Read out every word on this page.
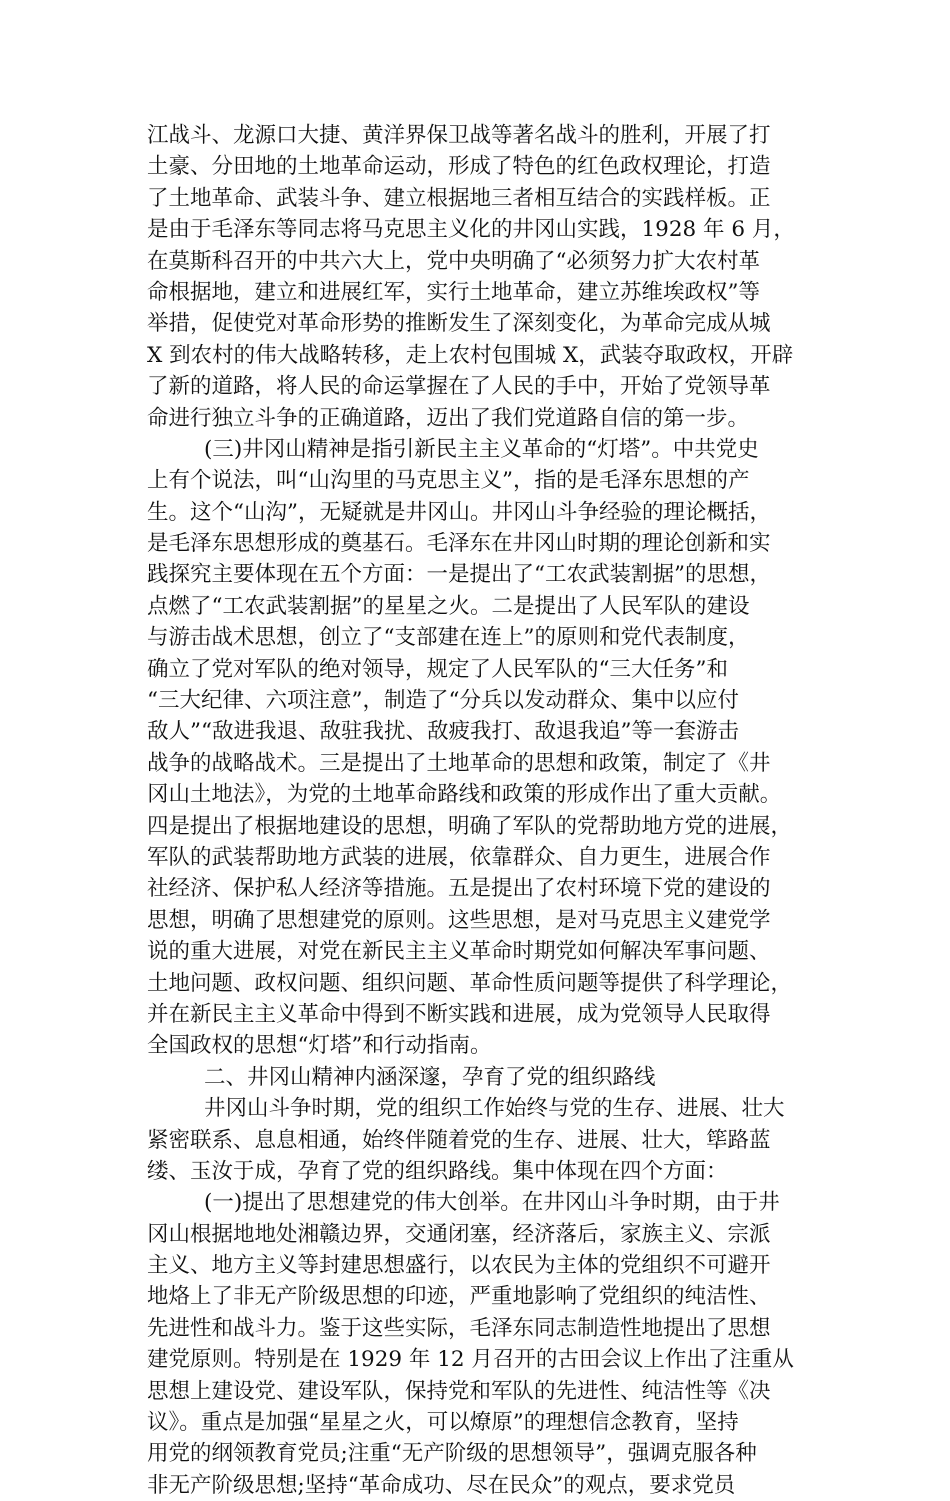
江战斗、龙源口大捷、黄洋界保卫战等著名战斗的胜利，开展了打
土豪、分田地的土地革命运动，形成了特色的红色政权理论，打造
了土地革命、武装斗争、建立根据地三者相互结合的实践样板。正
是由于毛泽东等同志将马克思主义化的井冈山实践，1928 年 6 月，
在莫斯科召开的中共六大上，党中央明确了“必须努力扩大农村革
命根据地，建立和进展红军，实行土地革命，建立苏维埃政权”等
举措，促使党对革命形势的推断发生了深刻变化，为革命完成从城
X 到农村的伟大战略转移，走上农村包围城 X，武装夺取政权，开辟
了新的道路，将人民的命运掌握在了人民的手中，开始了党领导革
命进行独立斗争的正确道路，迈出了我们党道路自信的第一步。
(三)井冈山精神是指引新民主主义革命的“灯塔”。中共党史
上有个说法，叫“山沟里的马克思主义”，指的是毛泽东思想的产
生。这个“山沟”，无疑就是井冈山。井冈山斗争经验的理论概括，
是毛泽东思想形成的奠基石。毛泽东在井冈山时期的理论创新和实
践探究主要体现在五个方面：一是提出了“工农武装割据”的思想，
点燃了“工农武装割据”的星星之火。二是提出了人民军队的建设
与游击战术思想，创立了“支部建在连上”的原则和党代表制度，
确立了党对军队的绝对领导，规定了人民军队的“三大任务”和
“三大纪律、六项注意”，制造了“分兵以发动群众、集中以应付
敌人”“敌进我退、敌驻我扰、敌疲我打、敌退我追”等一套游击
战争的战略战术。三是提出了土地革命的思想和政策，制定了《井
冈山土地法》，为党的土地革命路线和政策的形成作出了重大贡献。
四是提出了根据地建设的思想，明确了军队的党帮助地方党的进展，
军队的武装帮助地方武装的进展，依靠群众、自力更生，进展合作
社经济、保护私人经济等措施。五是提出了农村环境下党的建设的
思想，明确了思想建党的原则。这些思想，是对马克思主义建党学
说的重大进展，对党在新民主主义革命时期党如何解决军事问题、
土地问题、政权问题、组织问题、革命性质问题等提供了科学理论，
并在新民主主义革命中得到不断实践和进展，成为党领导人民取得
全国政权的思想“灯塔”和行动指南。
二、井冈山精神内涵深邃，孕育了党的组织路线
井冈山斗争时期，党的组织工作始终与党的生存、进展、壮大
紧密联系、息息相通，始终伴随着党的生存、进展、壮大，筚路蓝
缕、玉汝于成，孕育了党的组织路线。集中体现在四个方面：
(一)提出了思想建党的伟大创举。在井冈山斗争时期，由于井
冈山根据地地处湘赣边界，交通闭塞，经济落后，家族主义、宗派
主义、地方主义等封建思想盛行，以农民为主体的党组织不可避开
地烙上了非无产阶级思想的印迹，严重地影响了党组织的纯洁性、
先进性和战斗力。鉴于这些实际，毛泽东同志制造性地提出了思想
建党原则。特别是在 1929 年 12 月召开的古田会议上作出了注重从
思想上建设党、建设军队，保持党和军队的先进性、纯洁性等《决
议》。重点是加强“星星之火，可以燎原”的理想信念教育，坚持
用党的纲领教育党员;注重“无产阶级的思想领导”，强调克服各种
非无产阶级思想;坚持“革命成功、尽在民众”的观点，要求党员
